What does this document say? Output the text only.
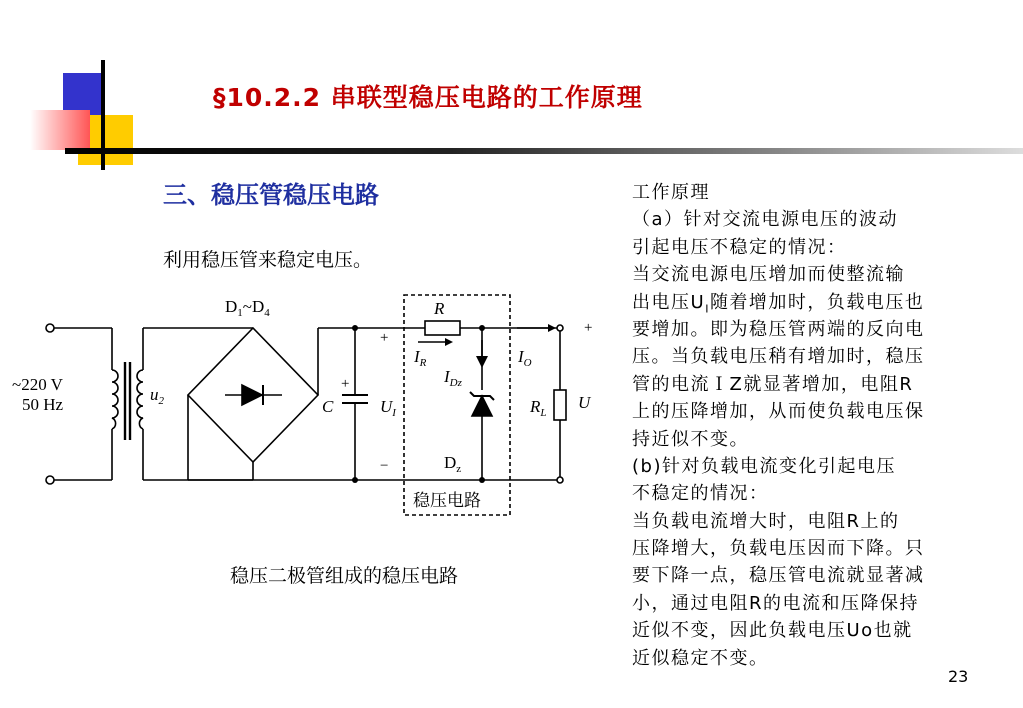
§10.2.2 串联型稳压电路的工作原理
三、稳压管稳压电路
利用稳压管来稳定电压。
$D_1\sim D_4$
~220 V
50 Hz
$u_2$	C
+
$U_I$
+
−
R
$I_R$
$I_{Dz}$
$I_O$
$D_z$
$R_L$
U
+
稳压电路
稳压二极管组成的稳压电路
工作原理
（a）针对交流电源电压的波动
引起电压不稳定的情况：
当交流电源电压增加而使整流输
出电压$U_I$随着增加时，负载电压也
要增加。即为稳压管两端的反向电
压。当负载电压稍有增加时，稳压
管的电流ＩZ就显著增加，电阻R
上的压降增加，从而使负载电压保
持近似不变。
(b)针对负载电流变化引起电压
不稳定的情况：
当负载电流增大时，电阻R上的
压降增大，负载电压因而下降。只
要下降一点，稳压管电流就显著减
小，通过电阻R的电流和压降保持
近似不变，因此负载电压Uo也就
近似稳定不变。
23
